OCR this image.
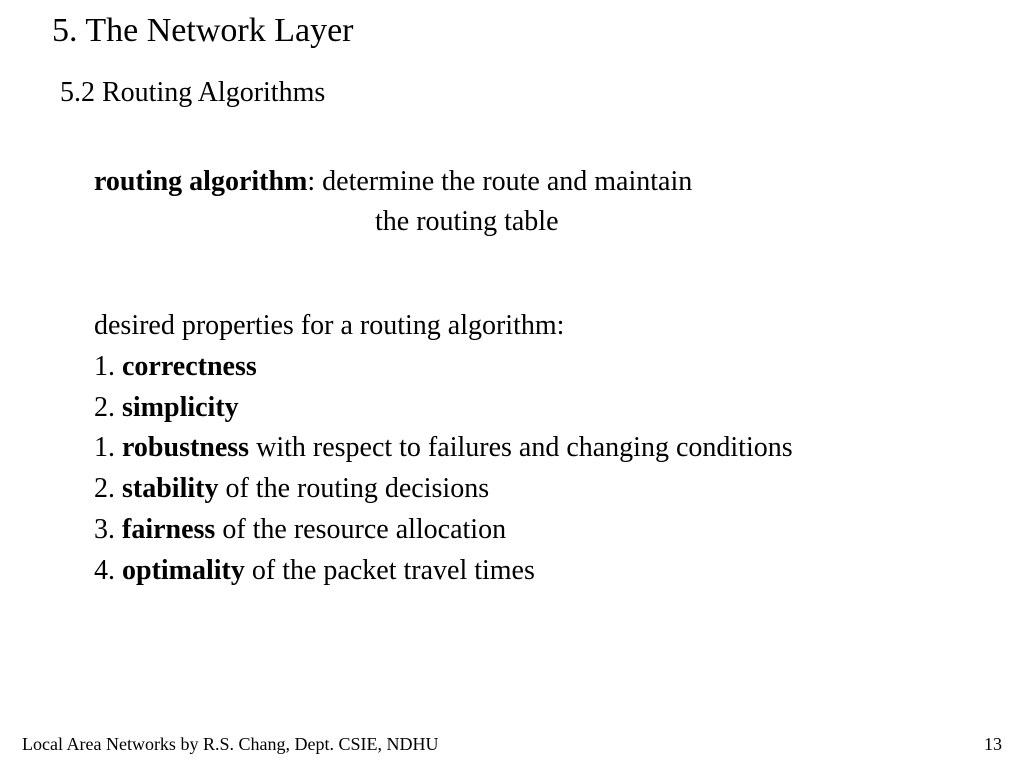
5. The Network Layer
5.2 Routing Algorithms
routing algorithm: determine the route and maintain
the routing table
desired properties for a routing algorithm:
1. correctness
2. simplicity
1. robustness with respect to failures and changing conditions
2. stability of the routing decisions
3. fairness of the resource allocation
4. optimality of the packet travel times
Local Area Networks by R.S. Chang, Dept. CSIE, NDHU	13
